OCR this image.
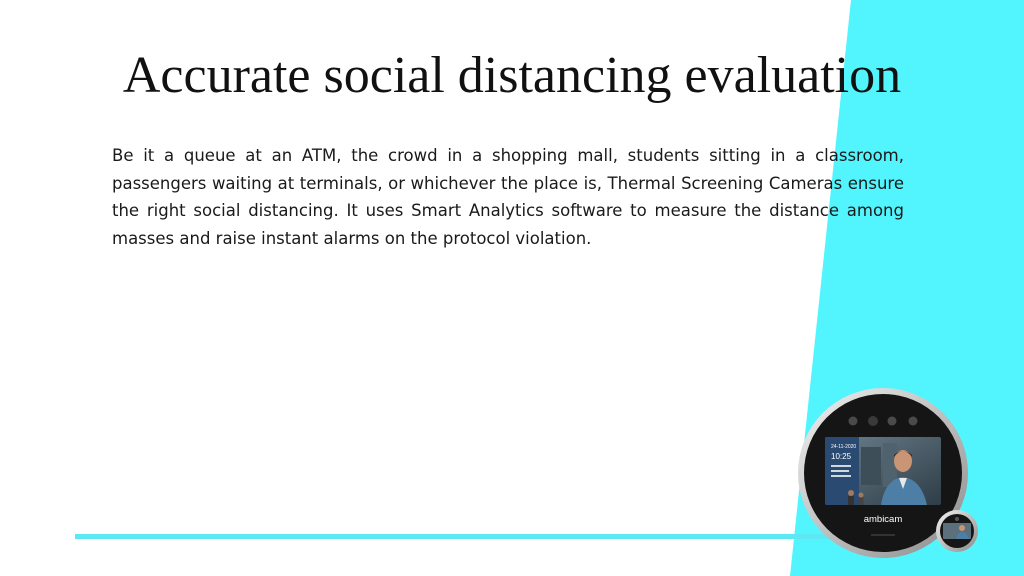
Accurate social distancing evaluation
Be it a queue at an ATM, the crowd in a shopping mall, students sitting in a classroom, passengers waiting at terminals, or whichever the place is, Thermal Screening Cameras ensure the right social distancing. It uses Smart Analytics software to measure the distance among masses and raise instant alarms on the protocol violation.
24-11-2020
10:25
ambicam
